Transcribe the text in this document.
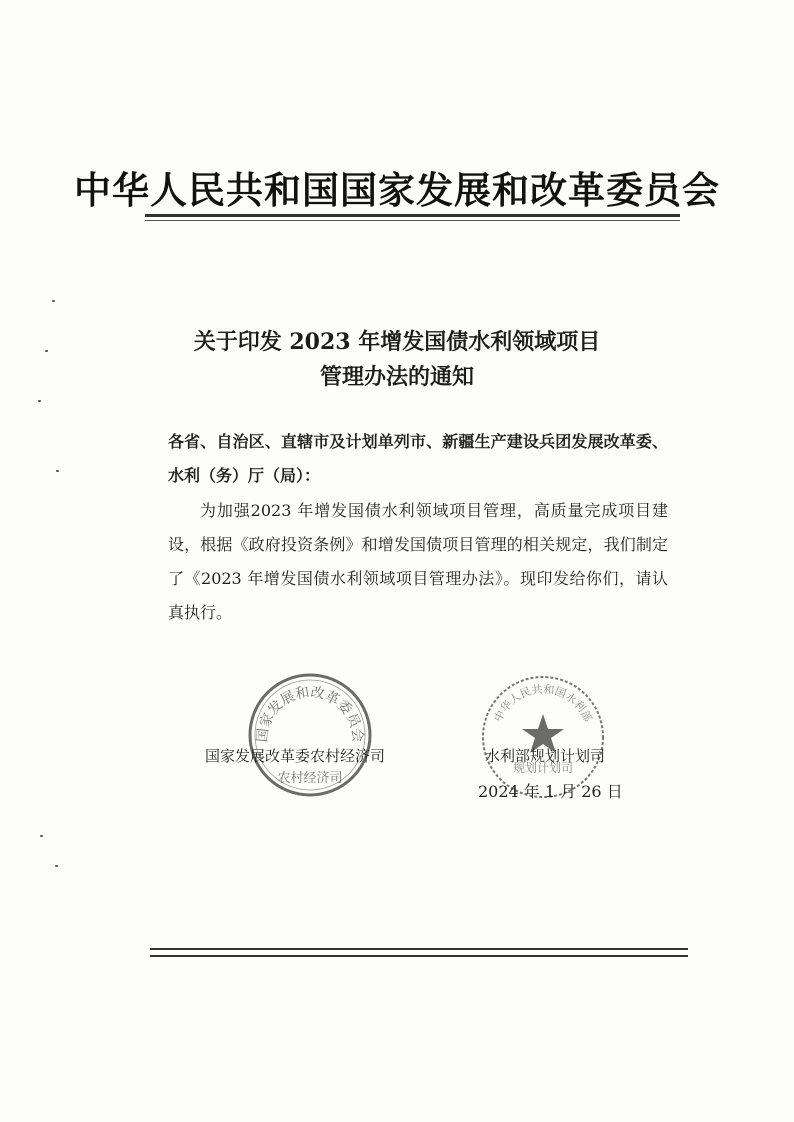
中华人民共和国国家发展和改革委员会
关于印发 2023 年增发国债水利领域项目
管理办法的通知
各省、自治区、直辖市及计划单列市、新疆生产建设兵团发展改革委、水利（务）厅（局）：
为加强2023 年增发国债水利领域项目管理，高质量完成项目建设，根据《政府投资条例》和增发国债项目管理的相关规定，我们制定了《2023 年增发国债水利领域项目管理办法》。现印发给你们，请认真执行。
国家发展和改革委员会
农村经济司
中华人民共和国水利部
规划计划司
国家发展改革委农村经济司	水利部规划计划司
2024 年 1 月 26 日
